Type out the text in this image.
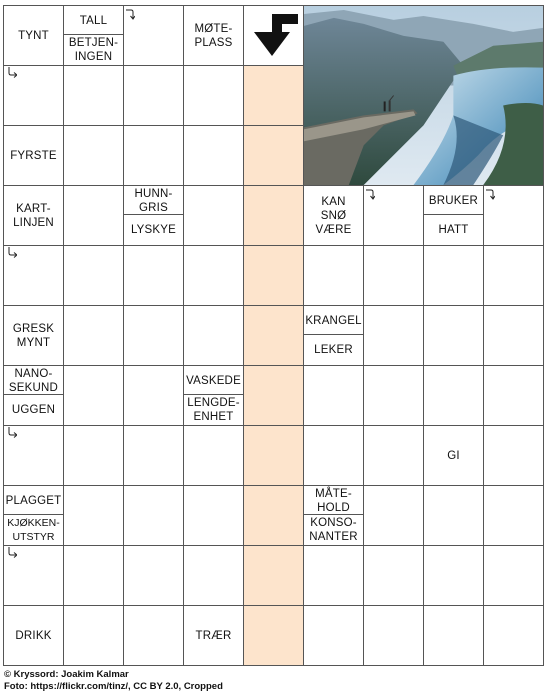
TYNT
TALL
BETJEN-
INGEN
MØTE-
PLASS
FYRSTE
KART-
LINJEN
HUNN-
GRIS
LYSKYE
KAN
SNØ
VÆRE
BRUKER
HATT
GRESK
MYNT
KRANGEL
LEKER
NANO-
SEKUND
UGGEN
VASKEDE
LENGDE-
ENHET
GI
PLAGGET
KJØKKEN-
UTSTYR
MÅTE-
HOLD
KONSO-
NANTER
DRIKK	TRÆR
© Kryssord: Joakim Kalmar
Foto: https://flickr.com/tinz/, CC BY 2.0, Cropped
